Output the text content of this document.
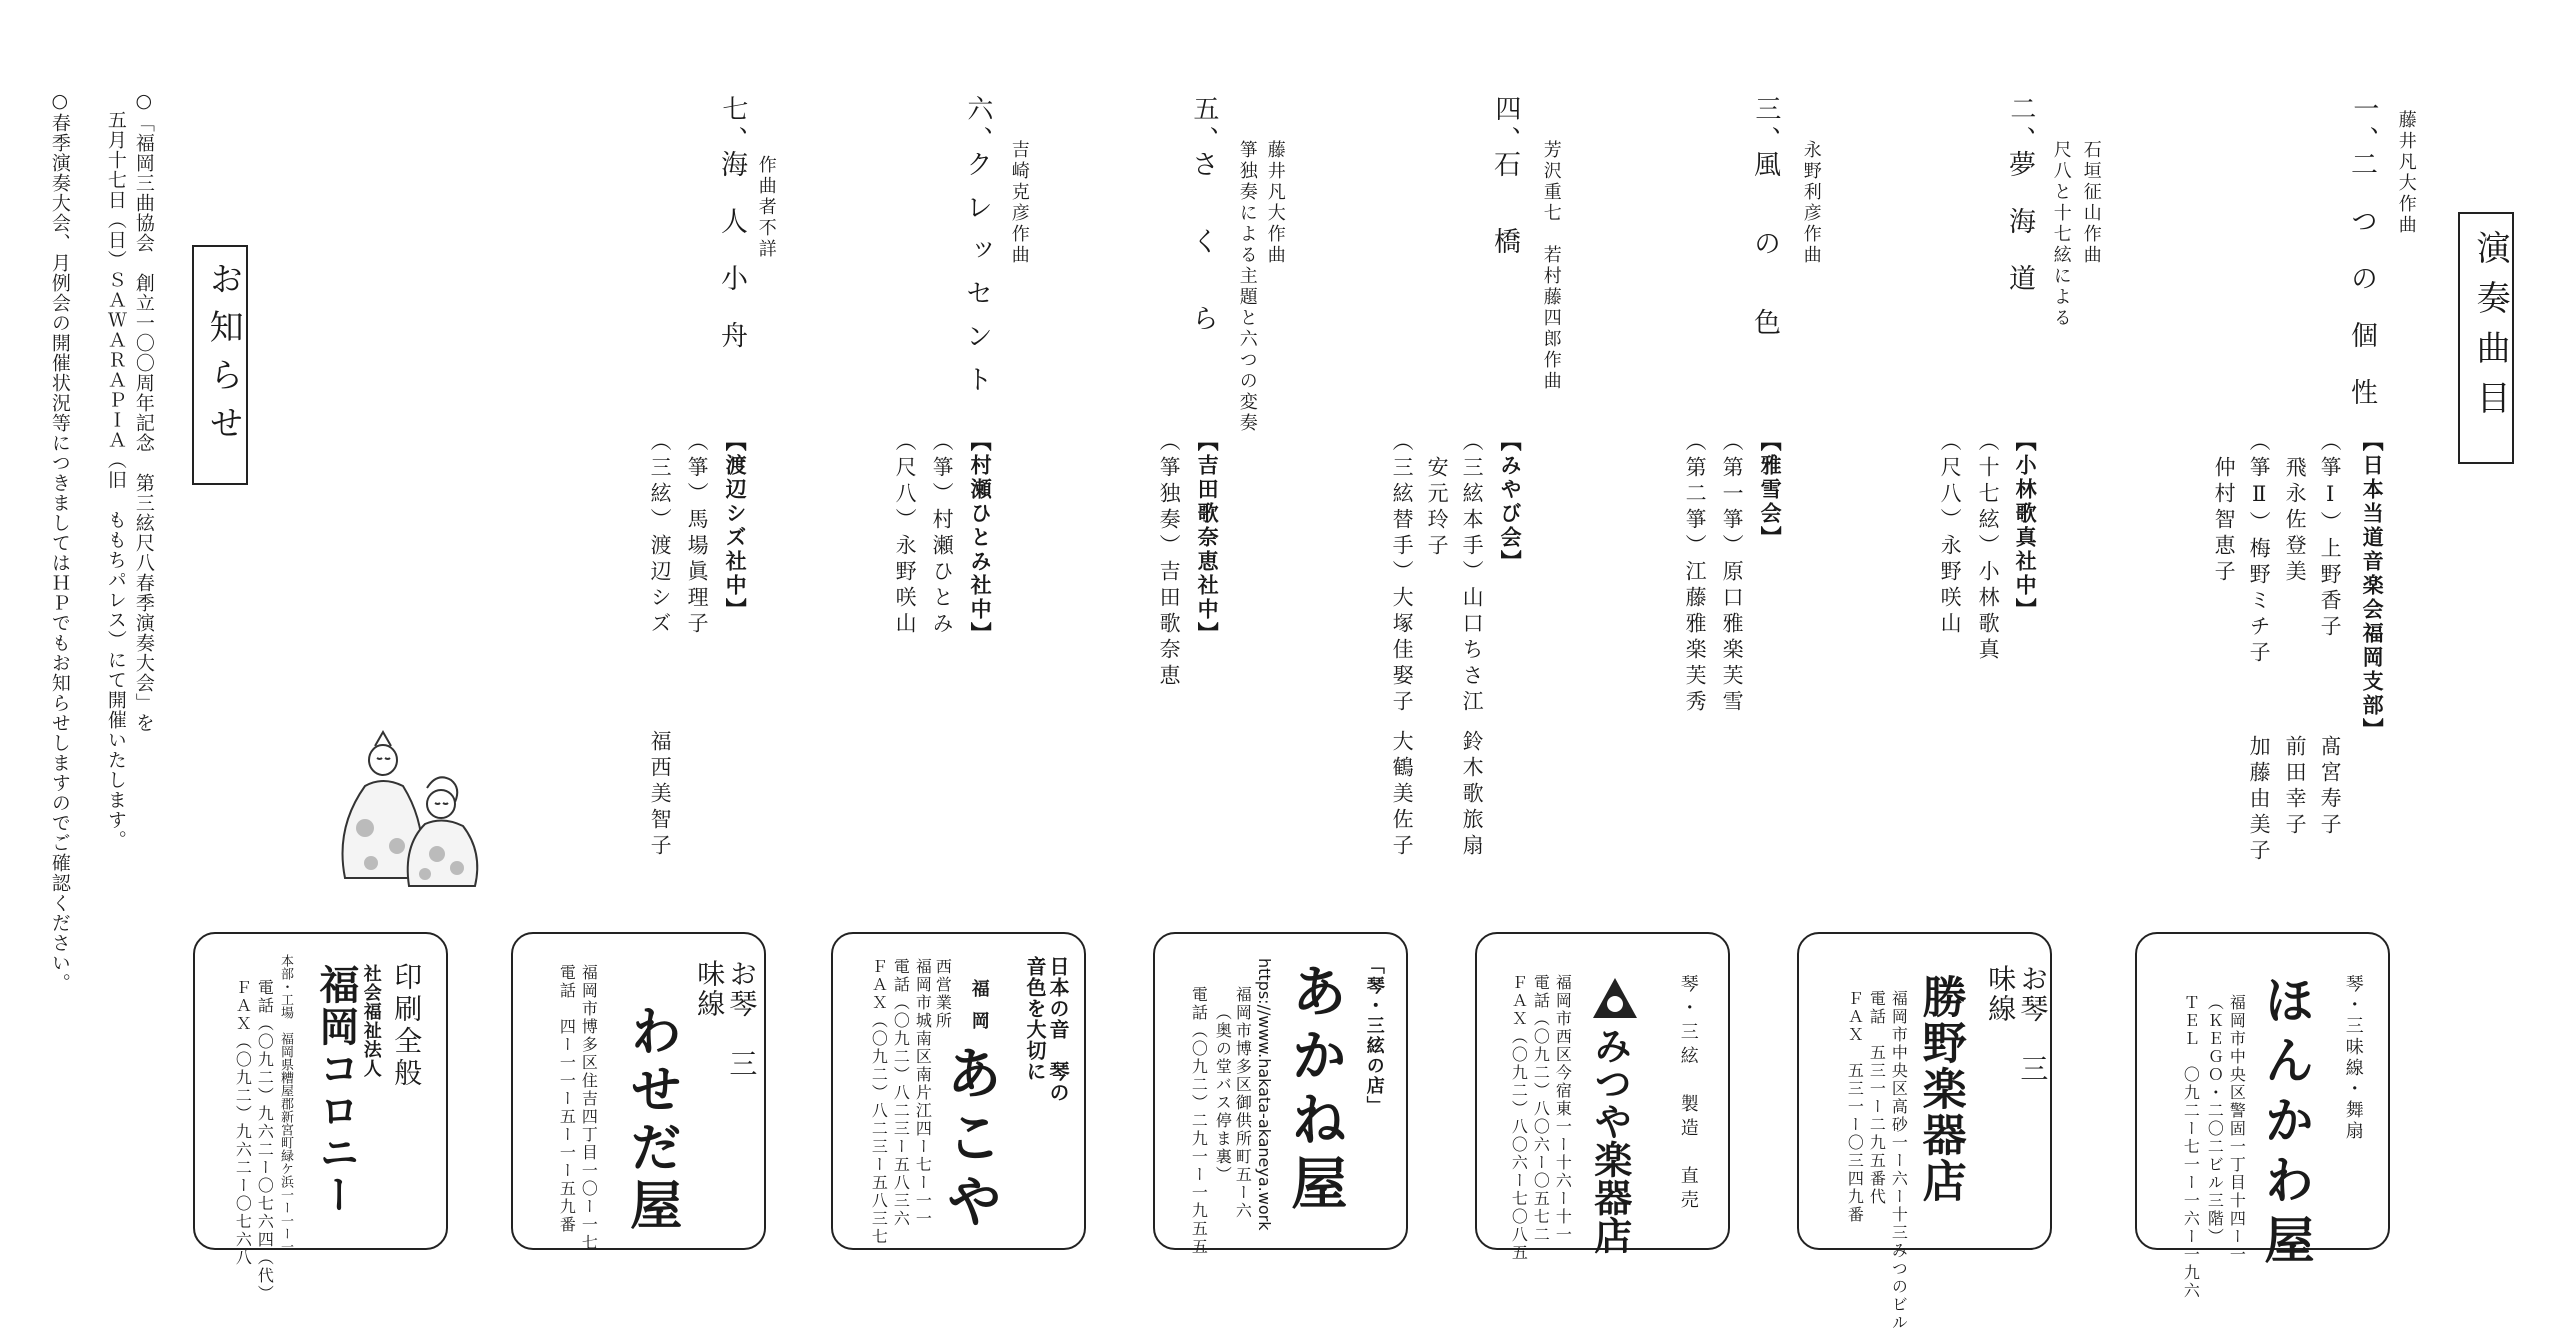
演奏曲目
藤井凡大作曲
一、
二つの個性
【日本当道音楽会福岡支部】
（箏Ⅰ）上野香子
　飛永佐登美
（箏Ⅱ）梅野ミチ子
　仲村智恵子
髙宮寿子
前田幸子
加藤由美子
石垣征山作曲
尺八と十七絃による
二、
夢海道
【小林歌真社中】
（十七絃）小林歌真
（尺八）永野咲山
永野利彦作曲
三、
風の色
【雅雪会】
（第一箏）原口雅楽芙雪
（第二箏）江藤雅楽芙秀
芳沢重七　若村藤四郎作曲
四、
石橋
【みやび会】
（三絃本手）山口ちさ江
　安元玲子
（三絃替手）大塚佳娶子
鈴木歌旅扇
大鶴美佐子
藤井凡大作曲
箏独奏による主題と六つの変奏
五、
さくら
【吉田歌奈恵社中】
（箏独奏）吉田歌奈恵
吉崎克彦作曲
六、
クレッセント
【村瀬ひとみ社中】
（箏）村瀬ひとみ
（尺八）永野咲山
作曲者不詳
七、
海人小舟
【渡辺シズ社中】
（箏）馬場眞理子
（三絃）渡辺シズ
福西美智子
お知らせ
○「福岡三曲協会　創立一〇〇周年記念　第三絃尺八春季演奏大会」を
五月十七日（日）ＳＡＷＡＲＡＰＩＡ（旧　ももちパレス）にて開催いたします。
○春季演奏大会、月例会の開催状況等につきましてはＨＰでもお知らせしますのでご確認ください。
琴・三味線・舞扇
ほんかわ屋
福岡市中央区警固一丁目十四ー一
（ＫＥＧＯ・二〇二ビル三階）
ＴＥＬ　〇九二ー七一ー一六ー一九六
お琴　三味線
勝野楽器店
福岡市中央区高砂一ー六ー十三みつのビル
電話　五三一ー二九五番代
ＦＡＸ　五三一ー〇三四九番
琴・三絃　製造　直売
みつや楽器店
福岡市西区今宿東一ー十六ー十一
電話（〇九二）八〇六ー〇五七二
ＦＡＸ（〇九二）八〇六ー七〇八五
「琴・三絃の店」
あかね屋
https://www.hakata-akaneya.work
福岡市博多区御供所町五ー六
（奥の堂バス停ま裏）
電話（〇九二）二九一ー一九五五
日本の音　琴の音色を大切に
福岡
あこや
西営業所
福岡市城南区南片江四ー七ー一一
電話（〇九二）八二三ー五八三六
ＦＡＸ（〇九二）八二三ー五八三七
お琴　三味線
わせだ屋
福岡市博多区住吉四丁目一〇ー一七
電話　四ー一一ー五ー一ー五九番
印刷全般
社会福祉法人
福岡コロニー
本部・工場　福岡県糟屋郡新宮町緑ケ浜一ー一ー一
電話（〇九二）九六二ー〇七六四（代）
ＦＡＸ（〇九二）九六二ー〇七六八
